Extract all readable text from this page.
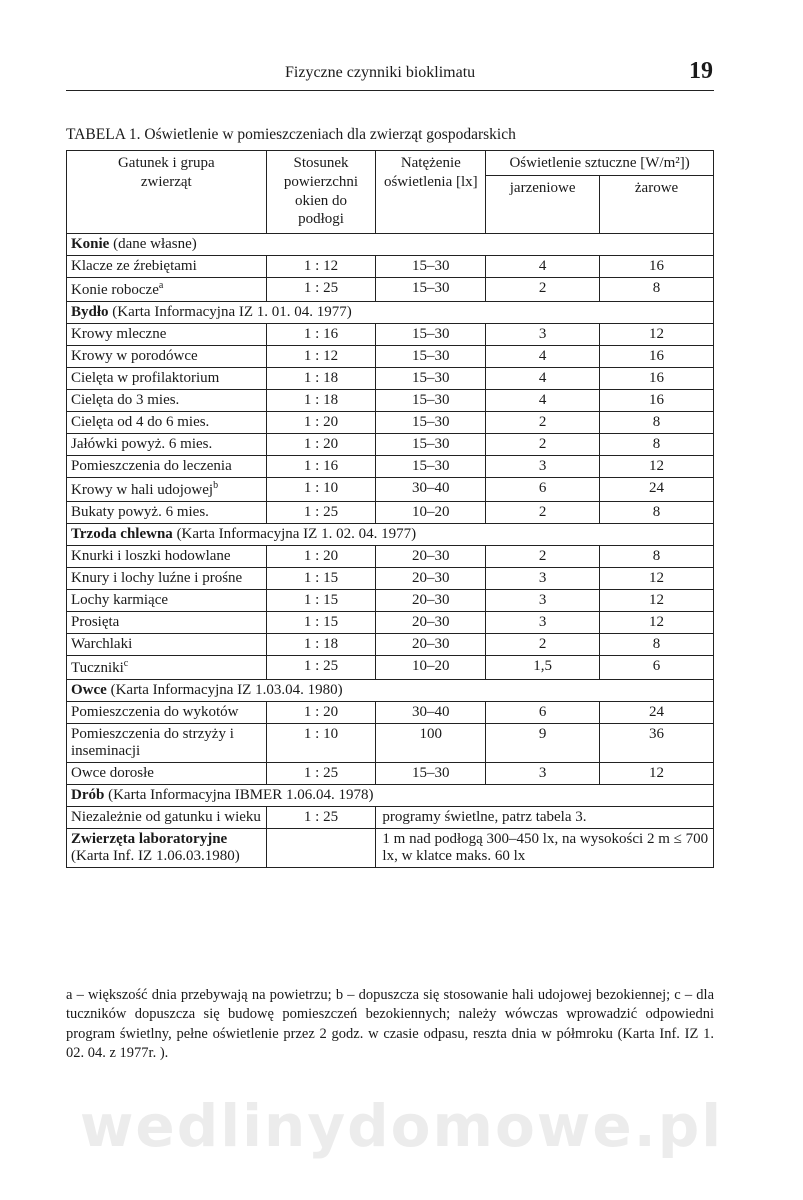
Fizyczne czynniki bioklimatu	19
TABELA 1. Oświetlenie w pomieszczeniach dla zwierząt gospodarskich
Gatunek i grupa zwierząt	Stosunek powierzchni okien do podłogi	Natężenie oświetlenia [lx]	Oświetlenie sztuczne [W/m²])	
			jarzeniowe	żarowe
Konie (dane własne)				
Klacze ze źrebiętami	1 : 12	15–30	4	16
Konie robocze$^a$	1 : 25	15–30	2	8
Bydło (Karta Informacyjna IZ 1. 01. 04. 1977)				
Krowy mleczne	1 : 16	15–30	3	12
Krowy w porodówce	1 : 12	15–30	4	16
Cielęta w profilaktorium	1 : 18	15–30	4	16
Cielęta do 3 mies.	1 : 18	15–30	4	16
Cielęta od 4 do 6 mies.	1 : 20	15–30	2	8
Jałówki powyż. 6 mies.	1 : 20	15–30	2	8
Pomieszczenia do leczenia	1 : 16	15–30	3	12
Krowy w hali udojowej$^b$	1 : 10	30–40	6	24
Bukaty powyż. 6 mies.	1 : 25	10–20	2	8
Trzoda chlewna (Karta Informacyjna IZ 1. 02. 04. 1977)				
Knurki i loszki hodowlane	1 : 20	20–30	2	8
Knury i lochy luźne i prośne	1 : 15	20–30	3	12
Lochy karmiące	1 : 15	20–30	3	12
Prosięta	1 : 15	20–30	3	12
Warchlaki	1 : 18	20–30	2	8
Tuczniki$^c$	1 : 25	10–20	1,5	6
Owce (Karta Informacyjna IZ 1.03.04. 1980)				
Pomieszczenia do wykotów	1 : 20	30–40	6	24
Pomieszczenia do strzyży i inseminacji	1 : 10	100	9	36
Owce dorosłe	1 : 25	15–30	3	12
Drób (Karta Informacyjna IBMER 1.06.04. 1978)				
Niezależnie od gatunku i wieku	1 : 25	programy świetlne, patrz tabela 3.		
Zwierzęta laboratoryjne (Karta Inf. IZ 1.06.03.1980)		1 m nad podłogą 300–450 lx, na wysokości 2 m ≤ 700 lx, w klatce maks. 60 lx		
a – większość dnia przebywają na powietrzu; b – dopuszcza się stosowanie hali udojowej bezokiennej; c – dla tuczników dopuszcza się budowę pomieszczeń bezokiennych; należy wówczas wprowadzić odpowiedni program świetlny, pełne oświetlenie przez 2 godz. w czasie odpasu, reszta dnia w półmroku (Karta Inf. IZ 1. 02. 04. z 1977r. ).
wedlinydomowe.pl
